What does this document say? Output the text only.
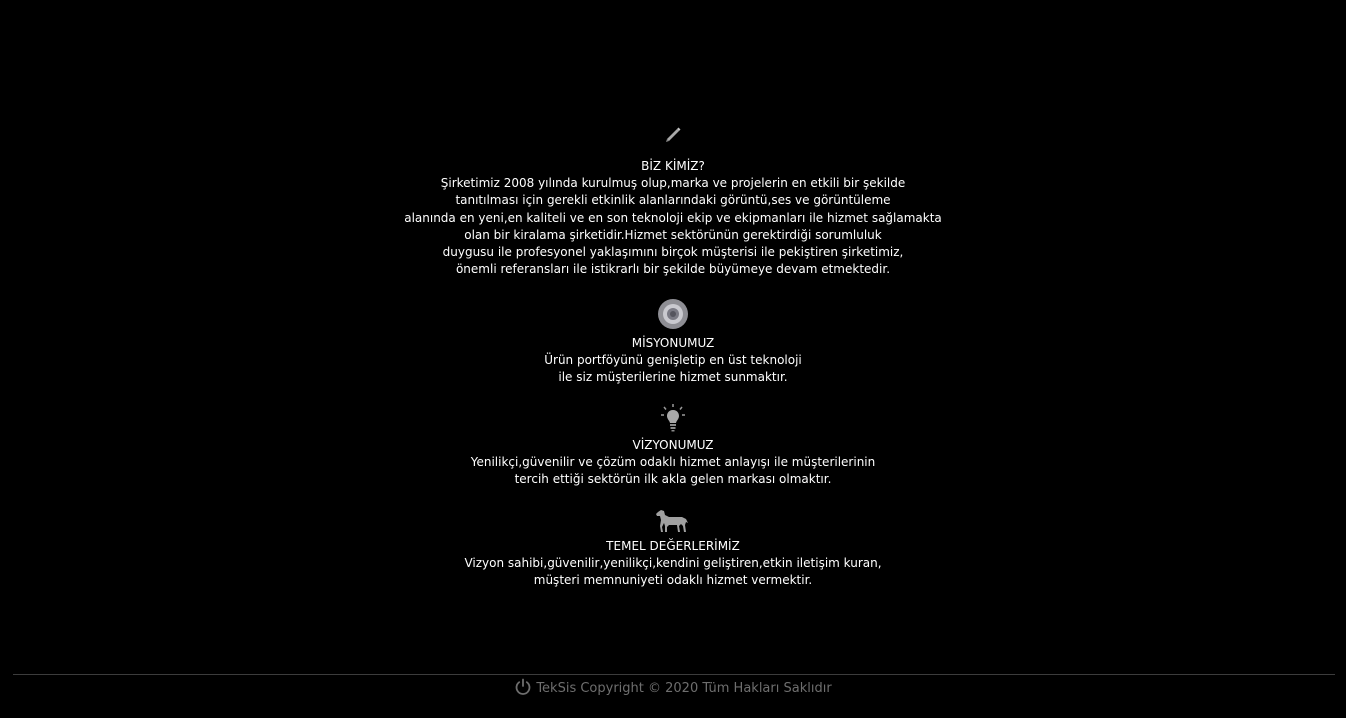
BİZ KİMİZ?

Şirketimiz 2008 yılında kurulmuş olup,marka ve projelerin en etkili bir şekilde
tanıtılması için gerekli etkinlik alanlarındaki görüntü,ses ve görüntüleme
alanında en yeni,en kaliteli ve en son teknoloji ekip ve ekipmanları ile hizmet sağlamakta
olan bir kiralama şirketidir.Hizmet sektörünün gerektirdiği sorumluluk
duygusu ile profesyonel yaklaşımını birçok müşterisi ile pekiştiren şirketimiz,
önemli referansları ile istikrarlı bir şekilde büyümeye devam etmektedir.

MİSYONUMUZ

Ürün portföyünü genişletip en üst teknoloji
ile siz müşterilerine hizmet sunmaktır.

VİZYONUMUZ

Yenilikçi,güvenilir ve çözüm odaklı hizmet anlayışı ile müşterilerinin
tercih ettiği sektörün ilk akla gelen markası olmaktır.

TEMEL DEĞERLERİMİZ

Vizyon sahibi,güvenilir,yenilikçi,kendini geliştiren,etkin iletişim kuran,
müşteri memnuniyeti odaklı hizmet vermektir.

TekSis Copyright © 2020 Tüm Hakları Saklıdır
